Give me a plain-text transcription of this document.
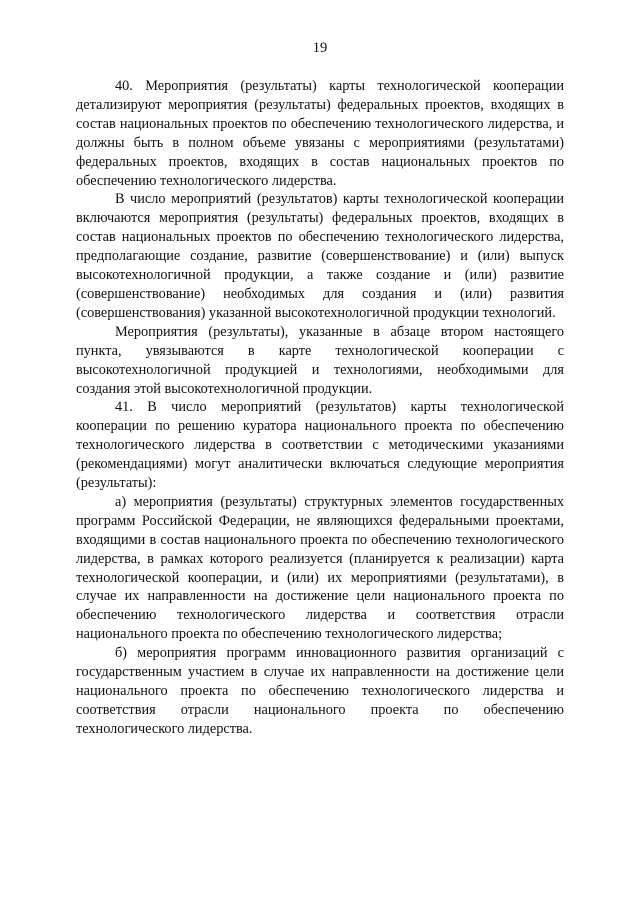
19

40. Мероприятия (результаты) карты технологической кооперации детализируют мероприятия (результаты) федеральных проектов, входящих в состав национальных проектов по обеспечению технологического лидерства, и должны быть в полном объеме увязаны с мероприятиями (результатами) федеральных проектов, входящих в состав национальных проектов по обеспечению технологического лидерства.

В число мероприятий (результатов) карты технологической кооперации включаются мероприятия (результаты) федеральных проектов, входящих в состав национальных проектов по обеспечению технологического лидерства, предполагающие создание, развитие (совершенствование) и (или) выпуск высокотехнологичной продукции, а также создание и (или) развитие (совершенствование) необходимых для создания и (или) развития (совершенствования) указанной высокотехнологичной продукции технологий.

Мероприятия (результаты), указанные в абзаце втором настоящего пункта, увязываются в карте технологической кооперации с высокотехнологичной продукцией и технологиями, необходимыми для создания этой высокотехнологичной продукции.

41. В число мероприятий (результатов) карты технологической кооперации по решению куратора национального проекта по обеспечению технологического лидерства в соответствии с методическими указаниями (рекомендациями) могут аналитически включаться следующие мероприятия (результаты):

а) мероприятия (результаты) структурных элементов государственных программ Российской Федерации, не являющихся федеральными проектами, входящими в состав национального проекта по обеспечению технологического лидерства, в рамках которого реализуется (планируется к реализации) карта технологической кооперации, и (или) их мероприятиями (результатами), в случае их направленности на достижение цели национального проекта по обеспечению технологического лидерства и соответствия отрасли национального проекта по обеспечению технологического лидерства;

б) мероприятия программ инновационного развития организаций с государственным участием в случае их направленности на достижение цели национального проекта по обеспечению технологического лидерства и соответствия отрасли национального проекта по обеспечению технологического лидерства.
